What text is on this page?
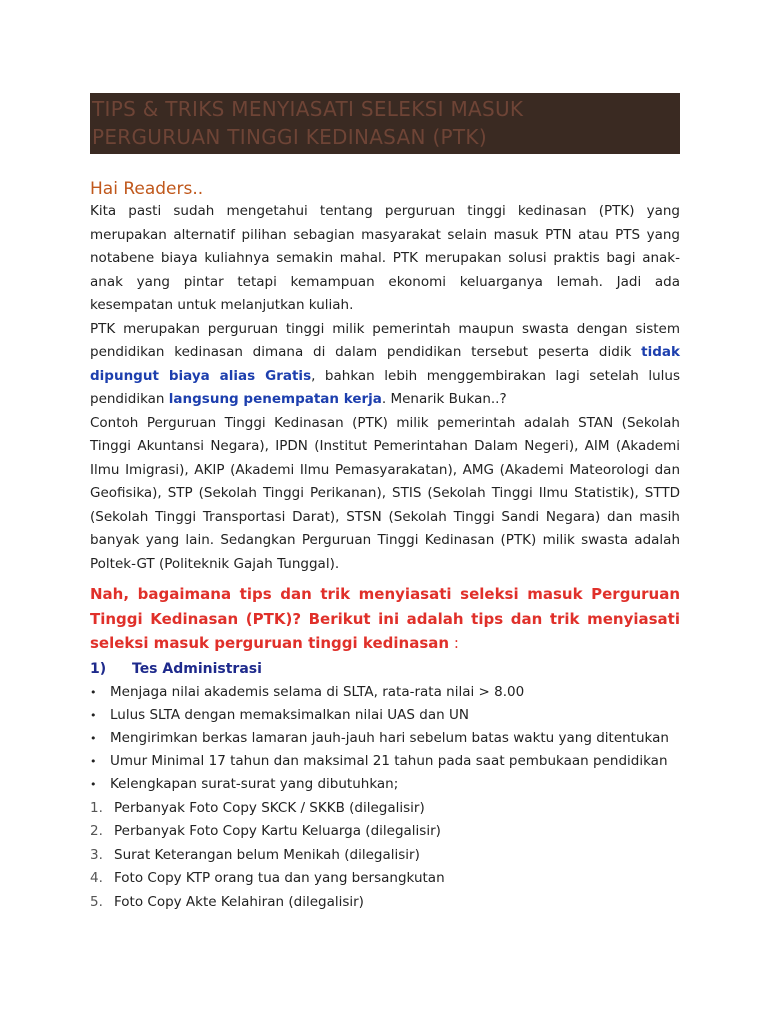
TIPS & TRIKS MENYIASATI SELEKSI MASUK
PERGURUAN TINGGI KEDINASAN (PTK)
Hai Readers..

Kita pasti sudah mengetahui tentang perguruan tinggi kedinasan (PTK) yang merupakan alternatif pilihan sebagian masyarakat selain masuk PTN atau PTS yang notabene biaya kuliahnya semakin mahal. PTK merupakan solusi praktis bagi anak-anak yang pintar tetapi kemampuan ekonomi keluarganya lemah. Jadi ada kesempatan untuk melanjutkan kuliah.

PTK merupakan perguruan tinggi milik pemerintah maupun swasta dengan sistem pendidikan kedinasan dimana di dalam pendidikan tersebut peserta didik tidak dipungut biaya alias Gratis, bahkan lebih menggembirakan lagi setelah lulus pendidikan langsung penempatan kerja. Menarik Bukan..?

Contoh Perguruan Tinggi Kedinasan (PTK) milik pemerintah adalah STAN (Sekolah Tinggi Akuntansi Negara), IPDN (Institut Pemerintahan Dalam Negeri), AIM (Akademi Ilmu Imigrasi), AKIP (Akademi Ilmu Pemasyarakatan), AMG (Akademi Mateorologi dan Geofisika), STP (Sekolah Tinggi Perikanan), STIS (Sekolah Tinggi Ilmu Statistik), STTD (Sekolah Tinggi Transportasi Darat), STSN (Sekolah Tinggi Sandi Negara) dan masih banyak yang lain. Sedangkan Perguruan Tinggi Kedinasan (PTK) milik swasta adalah Poltek-GT (Politeknik Gajah Tunggal).

Nah, bagaimana tips dan trik menyiasati seleksi masuk Perguruan Tinggi Kedinasan (PTK)? Berikut ini adalah tips dan trik menyiasati seleksi masuk perguruan tinggi kedinasan :

1)	Tes Administrasi
• Menjaga nilai akademis selama di SLTA, rata-rata nilai > 8.00
• Lulus SLTA dengan memaksimalkan nilai UAS dan UN
• Mengirimkan berkas lamaran jauh-jauh hari sebelum batas waktu yang ditentukan
• Umur Minimal 17 tahun dan maksimal 21 tahun pada saat pembukaan pendidikan
• Kelengkapan surat-surat yang dibutuhkan;
1. Perbanyak Foto Copy SKCK / SKKB (dilegalisir)
2. Perbanyak Foto Copy Kartu Keluarga (dilegalisir)
3. Surat Keterangan belum Menikah (dilegalisir)
4. Foto Copy KTP orang tua dan yang bersangkutan
5. Foto Copy Akte Kelahiran (dilegalisir)
